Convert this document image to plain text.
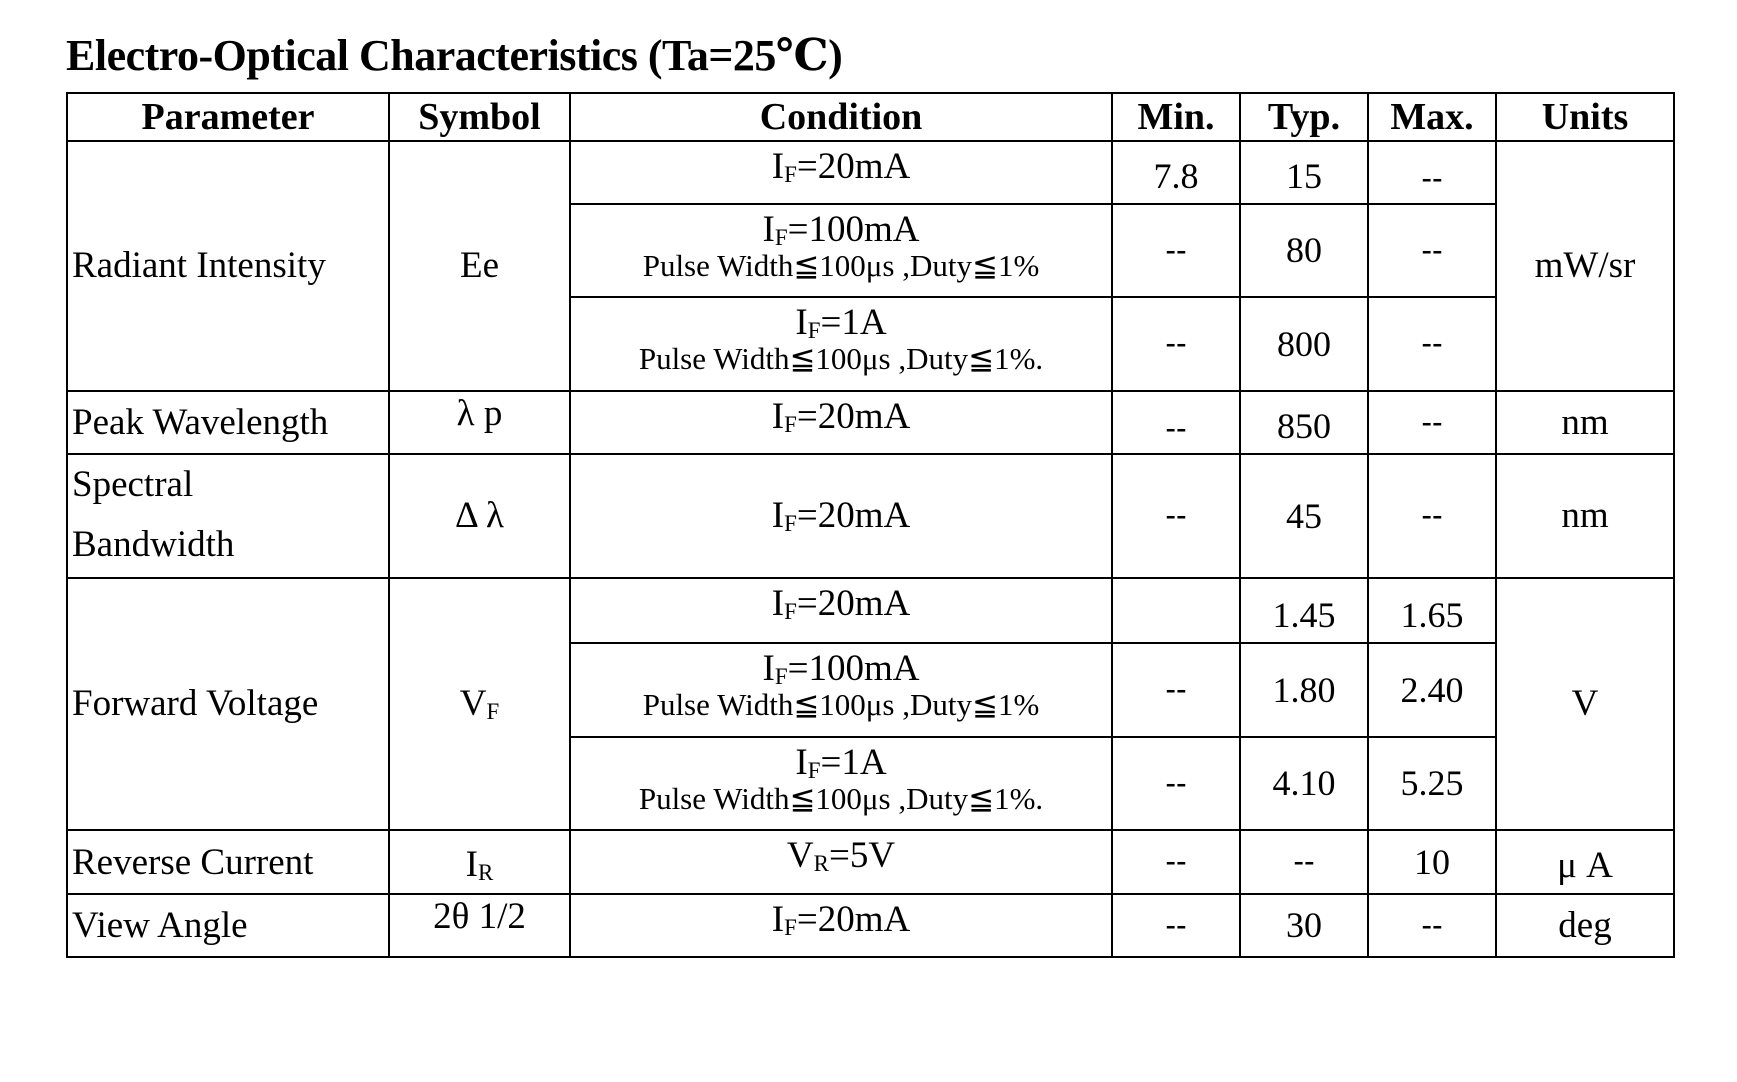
Electro-Optical Characteristics (Ta=25℃)
Parameter	Symbol	Condition	Min.	Typ.	Max.	Units
Radiant Intensity	Ee	$I_F=20mA$	7.8	15	--	mW/sr

		$I_F=100mA$
Pulse Width≦100μs ,Duty≦1%	--	80	--	

		$I_F=1A$
Pulse Width≦100μs ,Duty≦1%.	--	800	--	
Peak Wavelength	λ p	$I_F=20mA$	--	850	--	nm

Spectral
Bandwidth	Δ λ	$I_F=20mA$	--	45	--	nm
Forward Voltage	$V_F$	$I_F=20mA$		1.45	1.65	V

		$I_F=100mA$
Pulse Width≦100μs ,Duty≦1%	--	1.80	2.40	

		$I_F=1A$
Pulse Width≦100μs ,Duty≦1%.	--	4.10	5.25	
Reverse Current	$I_R$	$V_R=5V$	--	--	10	μ A
View Angle	2θ 1/2	$I_F=20mA$	--	30	--	deg
